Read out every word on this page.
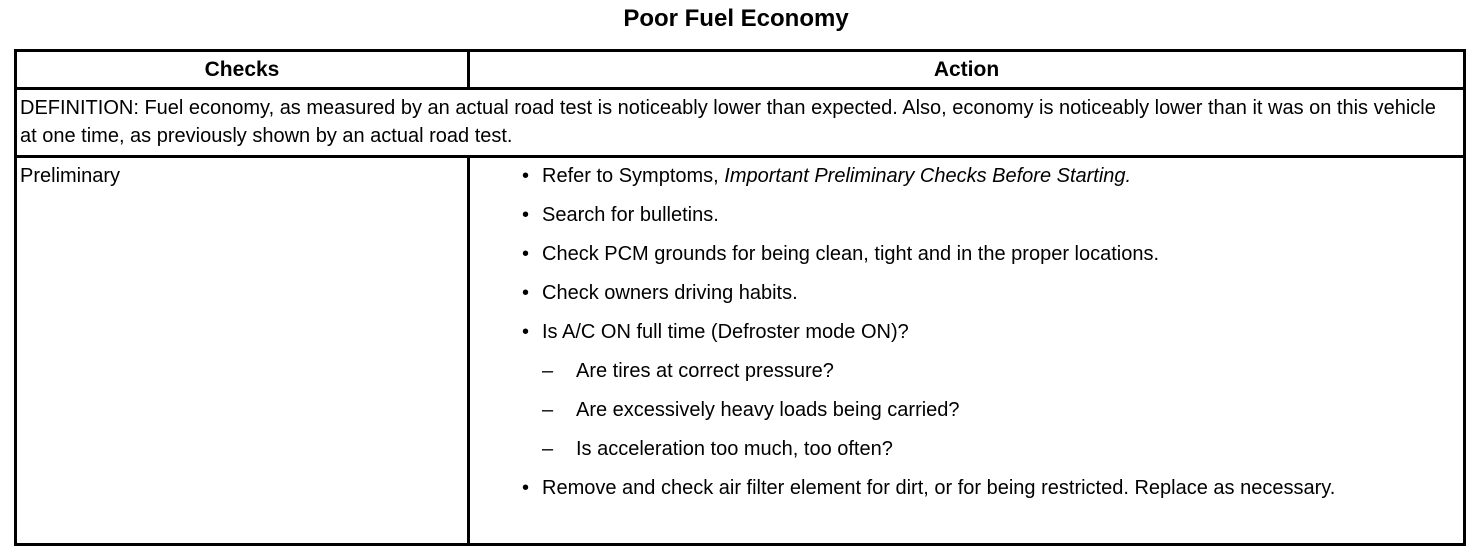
Poor Fuel Economy
Checks	Action
DEFINITION: Fuel economy, as measured by an actual road test is noticeably lower than expected. Also, economy is noticeably lower than it was on this vehicle at one time, as previously shown by an actual road test.
Preliminary	• Refer to Symptoms, Important Preliminary Checks Before Starting.
• Search for bulletins.
• Check PCM grounds for being clean, tight and in the proper locations.
• Check owners driving habits.
• Is A/C ON full time (Defroster mode ON)?
– Are tires at correct pressure?
– Are excessively heavy loads being carried?
– Is acceleration too much, too often?
• Remove and check air filter element for dirt, or for being restricted. Replace as necessary.
